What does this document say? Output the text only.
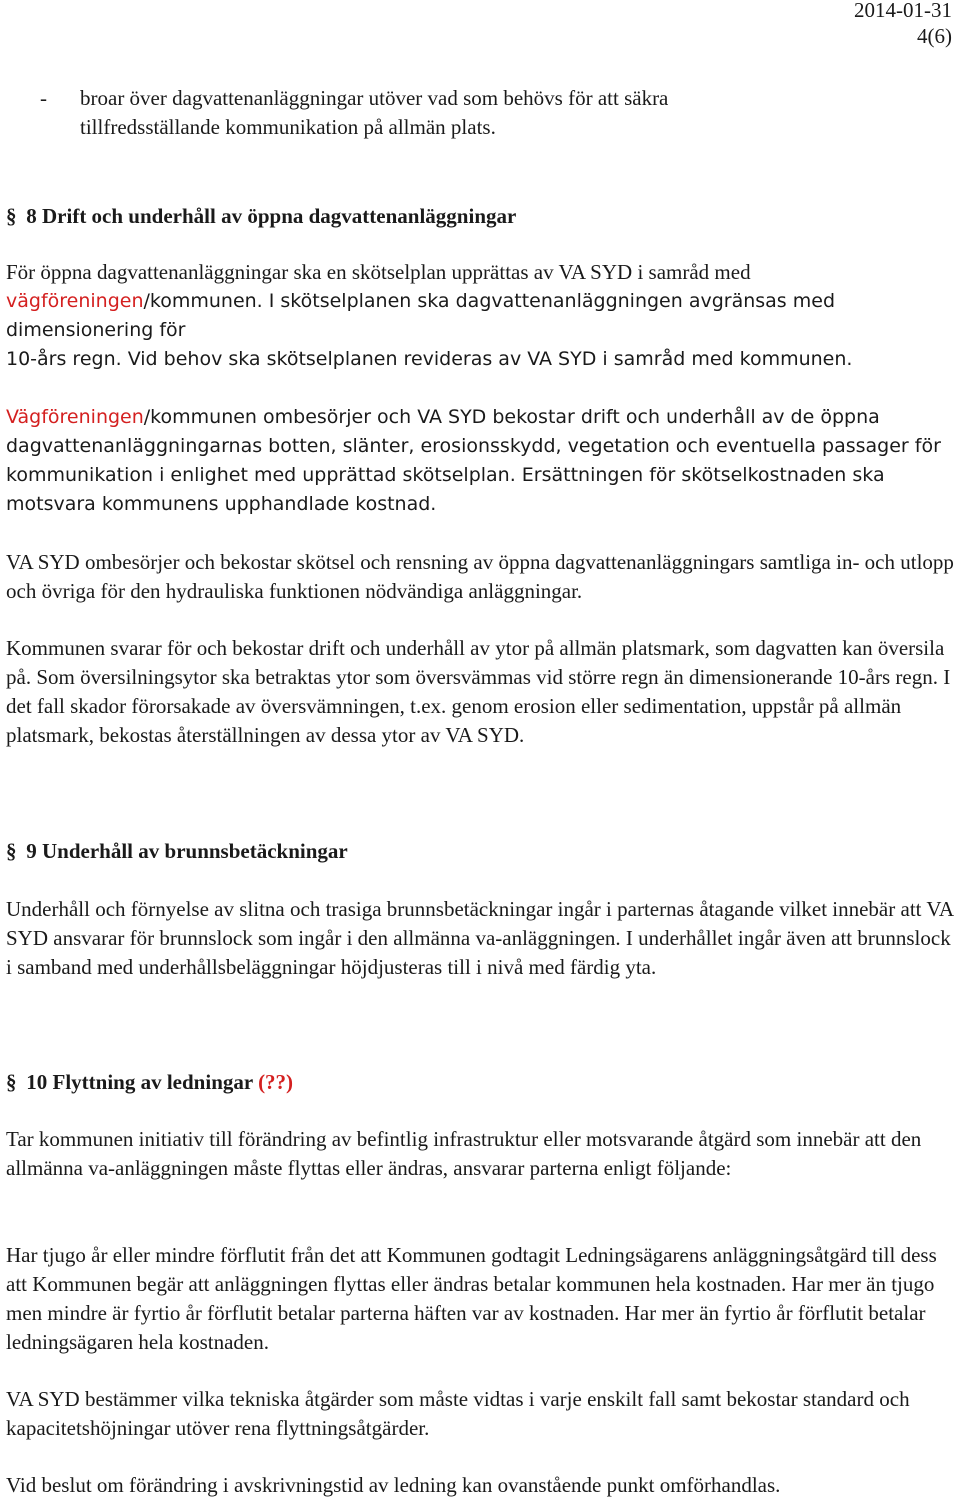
2014-01-31
4(6)
- broar över dagvattenanläggningar utöver vad som behövs för att säkra tillfredsställande kommunikation på allmän plats.
§ 8 Drift och underhåll av öppna dagvattenanläggningar

För öppna dagvattenanläggningar ska en skötselplan upprättas av VA SYD i samråd med

vägföreningen/kommunen. I skötselplanen ska dagvattenanläggningen avgränsas med dimensionering för

10-års regn. Vid behov ska skötselplanen revideras av VA SYD i samråd med kommunen.

Vägföreningen/kommunen ombesörjer och VA SYD bekostar drift och underhåll av de öppna dagvattenanläggningarnas botten, slänter, erosionsskydd, vegetation och eventuella passager för kommunikation i enlighet med upprättad skötselplan. Ersättningen för skötselkostnaden ska motsvara kommunens upphandlade kostnad.
VA SYD ombesörjer och bekostar skötsel och rensning av öppna dagvattenanläggningars samtliga in- och utlopp och övriga för den hydrauliska funktionen nödvändiga anläggningar.
Kommunen svarar för och bekostar drift och underhåll av ytor på allmän platsmark, som dagvatten kan översila på. Som översilningsytor ska betraktas ytor som översvämmas vid större regn än dimensionerande 10-års regn. I det fall skador förorsakade av översvämningen, t.ex. genom erosion eller sedimentation, uppstår på allmän platsmark, bekostas återställningen av dessa ytor av VA SYD.
§ 9 Underhåll av brunnsbetäckningar
Underhåll och förnyelse av slitna och trasiga brunnsbetäckningar ingår i parternas åtagande vilket innebär att VA SYD ansvarar för brunnslock som ingår i den allmänna va-anläggningen. I underhållet ingår även att brunnslock i samband med underhållsbeläggningar höjdjusteras till i nivå med färdig yta.
§ 10 Flyttning av ledningar (??)
Tar kommunen initiativ till förändring av befintlig infrastruktur eller motsvarande åtgärd som innebär att den allmänna va-anläggningen måste flyttas eller ändras, ansvarar parterna enligt följande:
Har tjugo år eller mindre förflutit från det att Kommunen godtagit Ledningsägarens anläggningsåtgärd till dess att Kommunen begär att anläggningen flyttas eller ändras betalar kommunen hela kostnaden. Har mer än tjugo men mindre är fyrtio år förflutit betalar parterna häften var av kostnaden. Har mer än fyrtio år förflutit betalar ledningsägaren hela kostnaden.
VA SYD bestämmer vilka tekniska åtgärder som måste vidtas i varje enskilt fall samt bekostar standard och kapacitetshöjningar utöver rena flyttningsåtgärder.
Vid beslut om förändring i avskrivningstid av ledning kan ovanstående punkt omförhandlas.
